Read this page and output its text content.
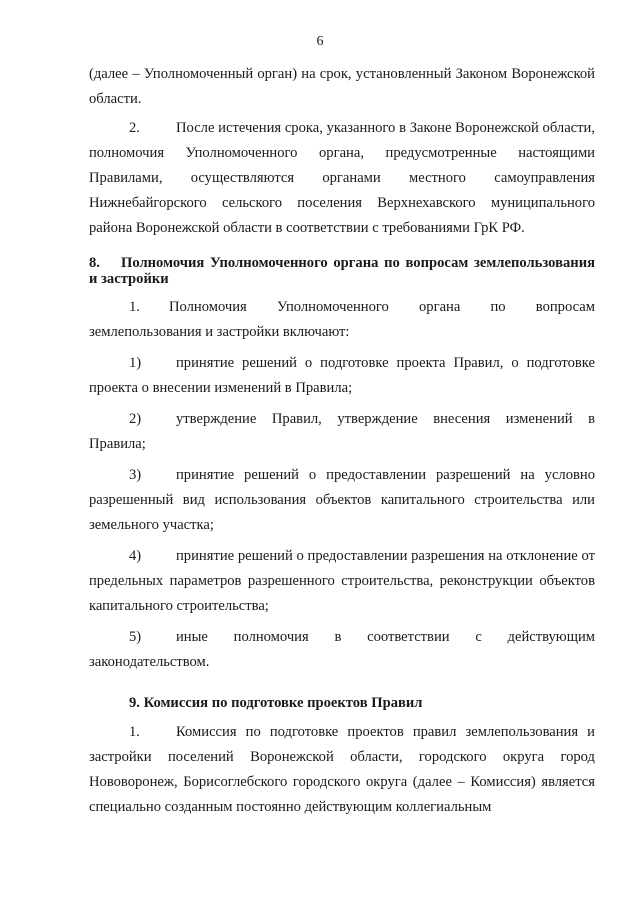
6

(далее – Уполномоченный орган) на срок, установленный Законом Воронежской области.

2. После истечения срока, указанного в Законе Воронежской области, полномочия Уполномоченного органа, предусмотренные настоящими Правилами, осуществляются органами местного самоуправления Нижнебайгорского сельского поселения Верхнехавского муниципального района Воронежской области в соответствии с требованиями ГрК РФ.

8. Полномочия Уполномоченного органа по вопросам землепользования и застройки

1. Полномочия Уполномоченного органа по вопросам землепользования и застройки включают:

1) принятие решений о подготовке проекта Правил, о подготовке проекта о внесении изменений в Правила;

2) утверждение Правил, утверждение внесения изменений в Правила;

3) принятие решений о предоставлении разрешений на условно разрешенный вид использования объектов капитального строительства или земельного участка;

4) принятие решений о предоставлении разрешения на отклонение от предельных параметров разрешенного строительства, реконструкции объектов капитального строительства;

5) иные полномочия в соответствии с действующим законодательством.

9. Комиссия по подготовке проектов Правил

1. Комиссия по подготовке проектов правил землепользования и застройки поселений Воронежской области, городского округа город Нововоронеж, Борисоглебского городского округа (далее – Комиссия) является специально созданным постоянно действующим коллегиальным
